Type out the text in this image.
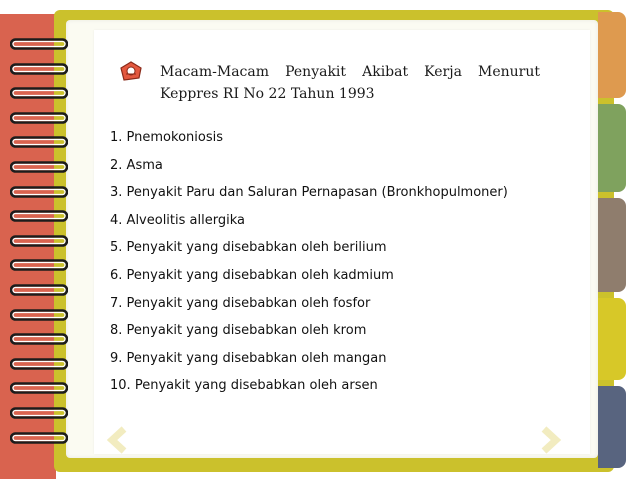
Macam-Macam Penyakit Akibat Kerja Menurut
Keppres RI No 22 Tahun 1993
1. Pnemokoniosis
2. Asma
3. Penyakit Paru dan Saluran Pernapasan (Bronkhopulmoner)
4. Alveolitis allergika
5. Penyakit yang disebabkan oleh berilium
6. Penyakit yang disebabkan oleh kadmium
7. Penyakit yang disebabkan oleh fosfor
8. Penyakit yang disebabkan oleh krom
9. Penyakit yang disebabkan oleh mangan
10. Penyakit yang disebabkan oleh arsen
